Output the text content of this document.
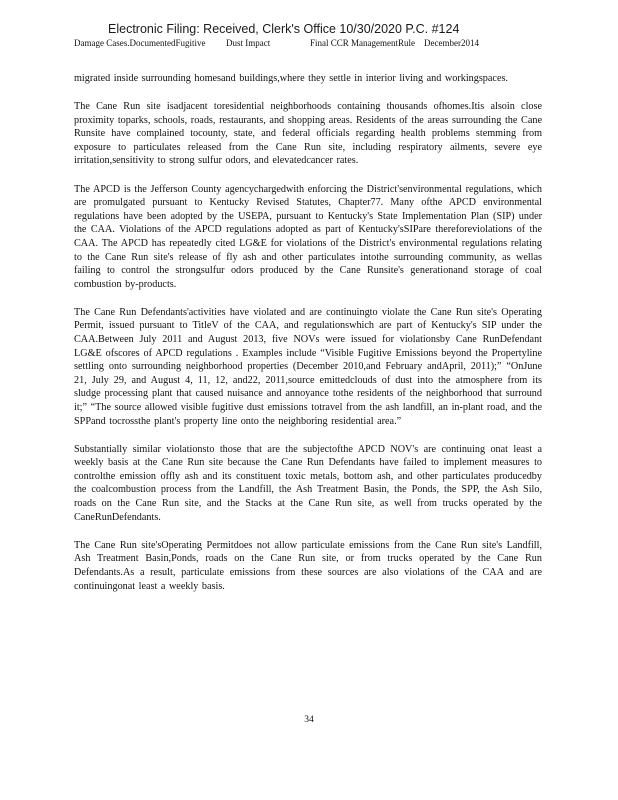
Electronic Filing: Received, Clerk's Office 10/30/2020 P.C. #124
Damage Cases.DocumentedFugitive Dust Impact	Final CCR ManagementRule December2014

migrated inside surrounding homesand buildings,where they settle in interior living and workingspaces.

The Cane Run site isadjacent toresidential neighborhoods containing thousands ofhomes.Itis alsoin close proximity toparks, schools, roads, restaurants, and shopping areas. Residents of the areas surrounding the Cane Runsite have complained tocounty, state, and federal officials regarding health problems stemming from exposure to particulates released from the Cane Run site, including respiratory ailments, severe eye irritation,sensitivity to strong sulfur odors, and elevatedcancer rates.

The APCD is the Jefferson County agencychargedwith enforcing the District'senvironmental regulations, which are promulgated pursuant to Kentucky Revised Statutes, Chapter77. Many ofthe APCD environmental regulations have been adopted by the USEPA, pursuant to Kentucky's State Implementation Plan (SIP) under the CAA. Violations of the APCD regulations adopted as part of Kentucky'sSIPare thereforeviolations of the CAA. The APCD has repeatedly cited LG&E for violations of the District's environmental regulations relating to the Cane Run site's release of fly ash and other particulates intothe surrounding community, as wellas failing to control the strongsulfur odors produced by the Cane Runsite's generationand storage of coal combustion by-products.

The Cane Run Defendants'activities have violated and are continuingto violate the Cane Run site's Operating Permit, issued pursuant to TitleV of the CAA, and regulationswhich are part of Kentucky's SIP under the CAA.Between July 2011 and August 2013, five NOVs were issued for violationsby Cane RunDefendant LG&E ofscores of APCD regulations . Examples include “Visible Fugitive Emissions beyond the Propertyline settling onto surrounding neighborhood properties (December 2010,and February andApril, 2011);” “OnJune 21, July 29, and August 4, 11, 12, and22, 2011,source emittedclouds of dust into the atmosphere from its sludge processing plant that caused nuisance and annoyance tothe residents of the neighborhood that surround it;” “The source allowed visible fugitive dust emissions totravel from the ash landfill, an in-plant road, and the SPPand tocrossthe plant's property line onto the neighboring residential area.”

Substantially similar violationsto those that are the subjectofthe APCD NOV's are continuing onat least a weekly basis at the Cane Run site because the Cane Run Defendants have failed to implement measures to controlthe emission offly ash and its constituent toxic metals, bottom ash, and other particulates producedby the coalcombustion process from the Landfill, the Ash Treatment Basin, the Ponds, the SPP, the Ash Silo, roads on the Cane Run site, and the Stacks at the Cane Run site, as well from trucks operated by the CaneRunDefendants.

The Cane Run site'sOperating Permitdoes not allow particulate emissions from the Cane Run site's Landfill, Ash Treatment Basin,Ponds, roads on the Cane Run site, or from trucks operated by the Cane Run Defendants.As a result, particulate emissions from these sources are also violations of the CAA and are continuingonat least a weekly basis.

34
